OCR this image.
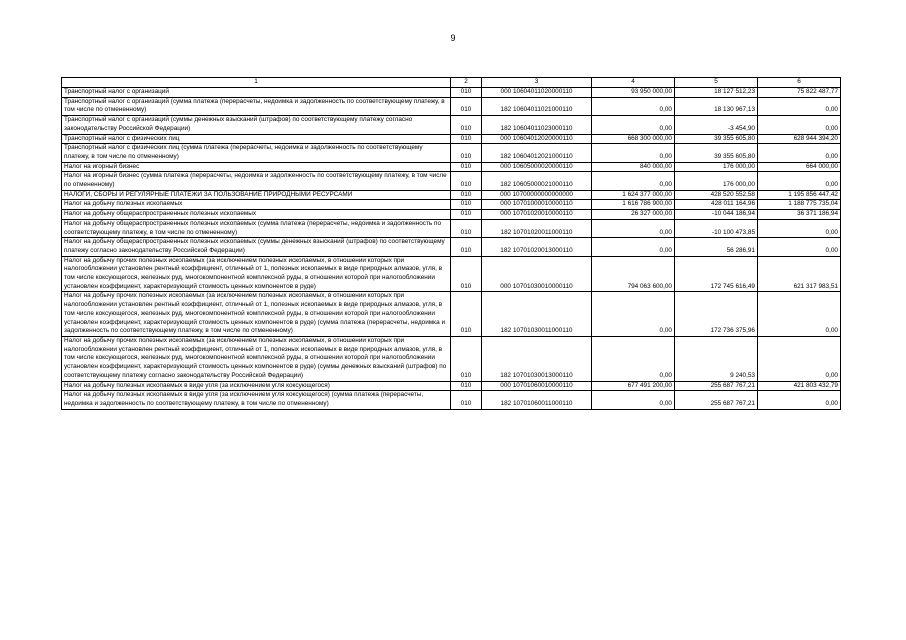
9
1	2	3	4	5	6
Транспортный налог с организаций	010	000 10604011020000110	93 950 000,00	18 127 512,23	75 822 487,77
Транспортный налог с организаций (сумма платежа (перерасчеты, недоимка и задолженность по соответствующему платежу, в том числе по отмененному)	010	182 10604011021000110	0,00	18 130 967,13	0,00
Транспортный налог с организаций (суммы денежных взысканий (штрафов) по соответствующему платежу согласно законодательству Российской Федерации)	010	182 10604011023000110	0,00	-3 454,90	0,00
Транспортный налог с физических лиц	010	000 10604012020000110	668 300 000,00	39 355 605,80	628 944 394,20
Транспортный налог с физических лиц (сумма платежа (перерасчеты, недоимка и задолженность по соответствующему платежу, в том числе по отмененному)	010	182 10604012021000110	0,00	39 355 605,80	0,00
Налог на игорный бизнес	010	000 10605000020000110	840 000,00	176 000,00	664 000,00
Налог на игорный бизнес (сумма платежа (перерасчеты, недоимка и задолженность по соответствующему платежу, в том числе по отмененному)	010	182 10605000021000110	0,00	176 000,00	0,00
НАЛОГИ, СБОРЫ И РЕГУЛЯРНЫЕ ПЛАТЕЖИ ЗА ПОЛЬЗОВАНИЕ ПРИРОДНЫМИ РЕСУРСАМИ	010	000 10700000000000000	1 624 377 000,00	428 520 552,58	1 195 856 447,42
Налог на добычу полезных ископаемых	010	000 10701000010000110	1 616 786 900,00	428 011 164,96	1 188 775 735,04
Налог на добычу общераспространенных полезных ископаемых	010	000 10701020010000110	26 327 000,00	-10 044 186,94	36 371 186,94
Налог на добычу общераспространенных полезных ископаемых (сумма платежа (перерасчеты, недоимка и задолженность по соответствующему платежу, в том числе по отмененному)	010	182 10701020011000110	0,00	-10 100 473,85	0,00
Налог на добычу общераспространенных полезных ископаемых (суммы денежных взысканий (штрафов) по соответствующему платежу согласно законодательству Российской Федерации)	010	182 10701020013000110	0,00	56 286,91	0,00
Налог на добычу прочих полезных ископаемых (за исключением полезных ископаемых, в отношении которых при налогообложении установлен рентный коэффициент, отличный от 1, полезных ископаемых в виде природных алмазов, угля, в том числе коксующегося, железных руд, многокомпонентной комплексной руды, в отношении которой при налогообложении установлен коэффициент, характеризующий стоимость ценных компонентов в руде)	010	000 10701030010000110	794 063 600,00	172 745 616,49	621 317 983,51
Налог на добычу прочих полезных ископаемых (за исключением полезных ископаемых, в отношении которых при налогообложении установлен рентный коэффициент, отличный от 1, полезных ископаемых в виде природных алмазов, угля, в том числе коксующегося, железных руд, многокомпонентной комплексной руды, в отношении которой при налогообложении установлен коэффициент, характеризующий стоимость ценных компонентов в руде) (сумма платежа (перерасчеты, недоимка и задолженность по соответствующему платежу, в том числе по отмененному)	010	182 10701030011000110	0,00	172 736 375,96	0,00
Налог на добычу прочих полезных ископаемых (за исключением полезных ископаемых, в отношении которых при налогообложении установлен рентный коэффициент, отличный от 1, полезных ископаемых в виде природных алмазов, угля, в том числе коксующегося, железных руд, многокомпонентной комплексной руды, в отношении которой при налогообложении установлен коэффициент, характеризующий стоимость ценных компонентов в руде) (суммы денежных взысканий (штрафов) по соответствующему платежу согласно законодательству Российской Федерации)	010	182 10701030013000110	0,00	9 240,53	0,00
Налог на добычу полезных ископаемых в виде угля (за исключением угля коксующегося)	010	000 10701060010000110	677 491 200,00	255 687 767,21	421 803 432,79
Налог на добычу полезных ископаемых в виде угля (за исключением угля коксующегося) (сумма платежа (перерасчеты, недоимка и задолженность по соответствующему платежу, в том числе по отмененному)	010	182 10701060011000110	0,00	255 687 767,21	0,00
